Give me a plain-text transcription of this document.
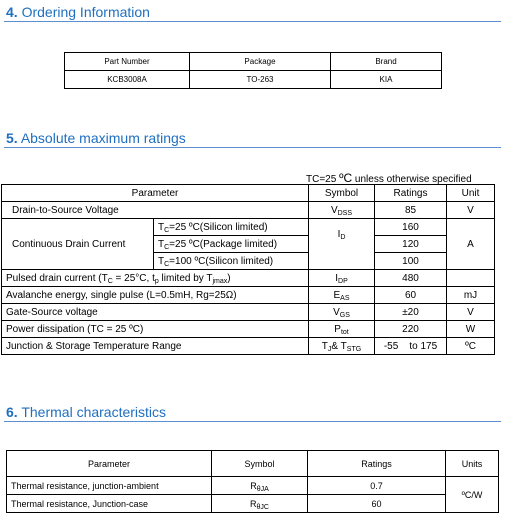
4. Ordering Information
Part Number	Package	Brand
KCB3008A	TO-263	KIA
5. Absolute maximum ratings
TC=25 ºC unless otherwise specified
Parameter		Symbol	Ratings	Unit
Drain-to-Source Voltage		$V_{DSS}$	85	V
Continuous Drain Current	$T_C=25$ ºC(Silicon limited)	$I_D$	160	A
	$T_C=25$ ºC(Package limited)		120	
	$T_C=100$ ºC(Silicon limited)		100	
Pulsed drain current ($T_C = 25^\circ C$, $t_p$ limited by $T_{jmax}$)		$I_{DP}$	480	
Avalanche energy, single pulse (L=0.5mH, Rg=25Ω)		$E_{AS}$	60	mJ
Gate-Source voltage		$V_{GS}$	±20	V
Power dissipation (TC = 25 ºC)		$P_{tot}$	220	W
Junction & Storage Temperature Range		$T_J\&$ $T_{STG}$	-55    to 175	ºC
6. Thermal characteristics
Parameter	Symbol	Ratings	Units
Thermal resistance, junction-ambient	$R_{\theta JA}$	0.7	ºC/W
Thermal resistance, Junction-case	$R_{\theta JC}$	60	
